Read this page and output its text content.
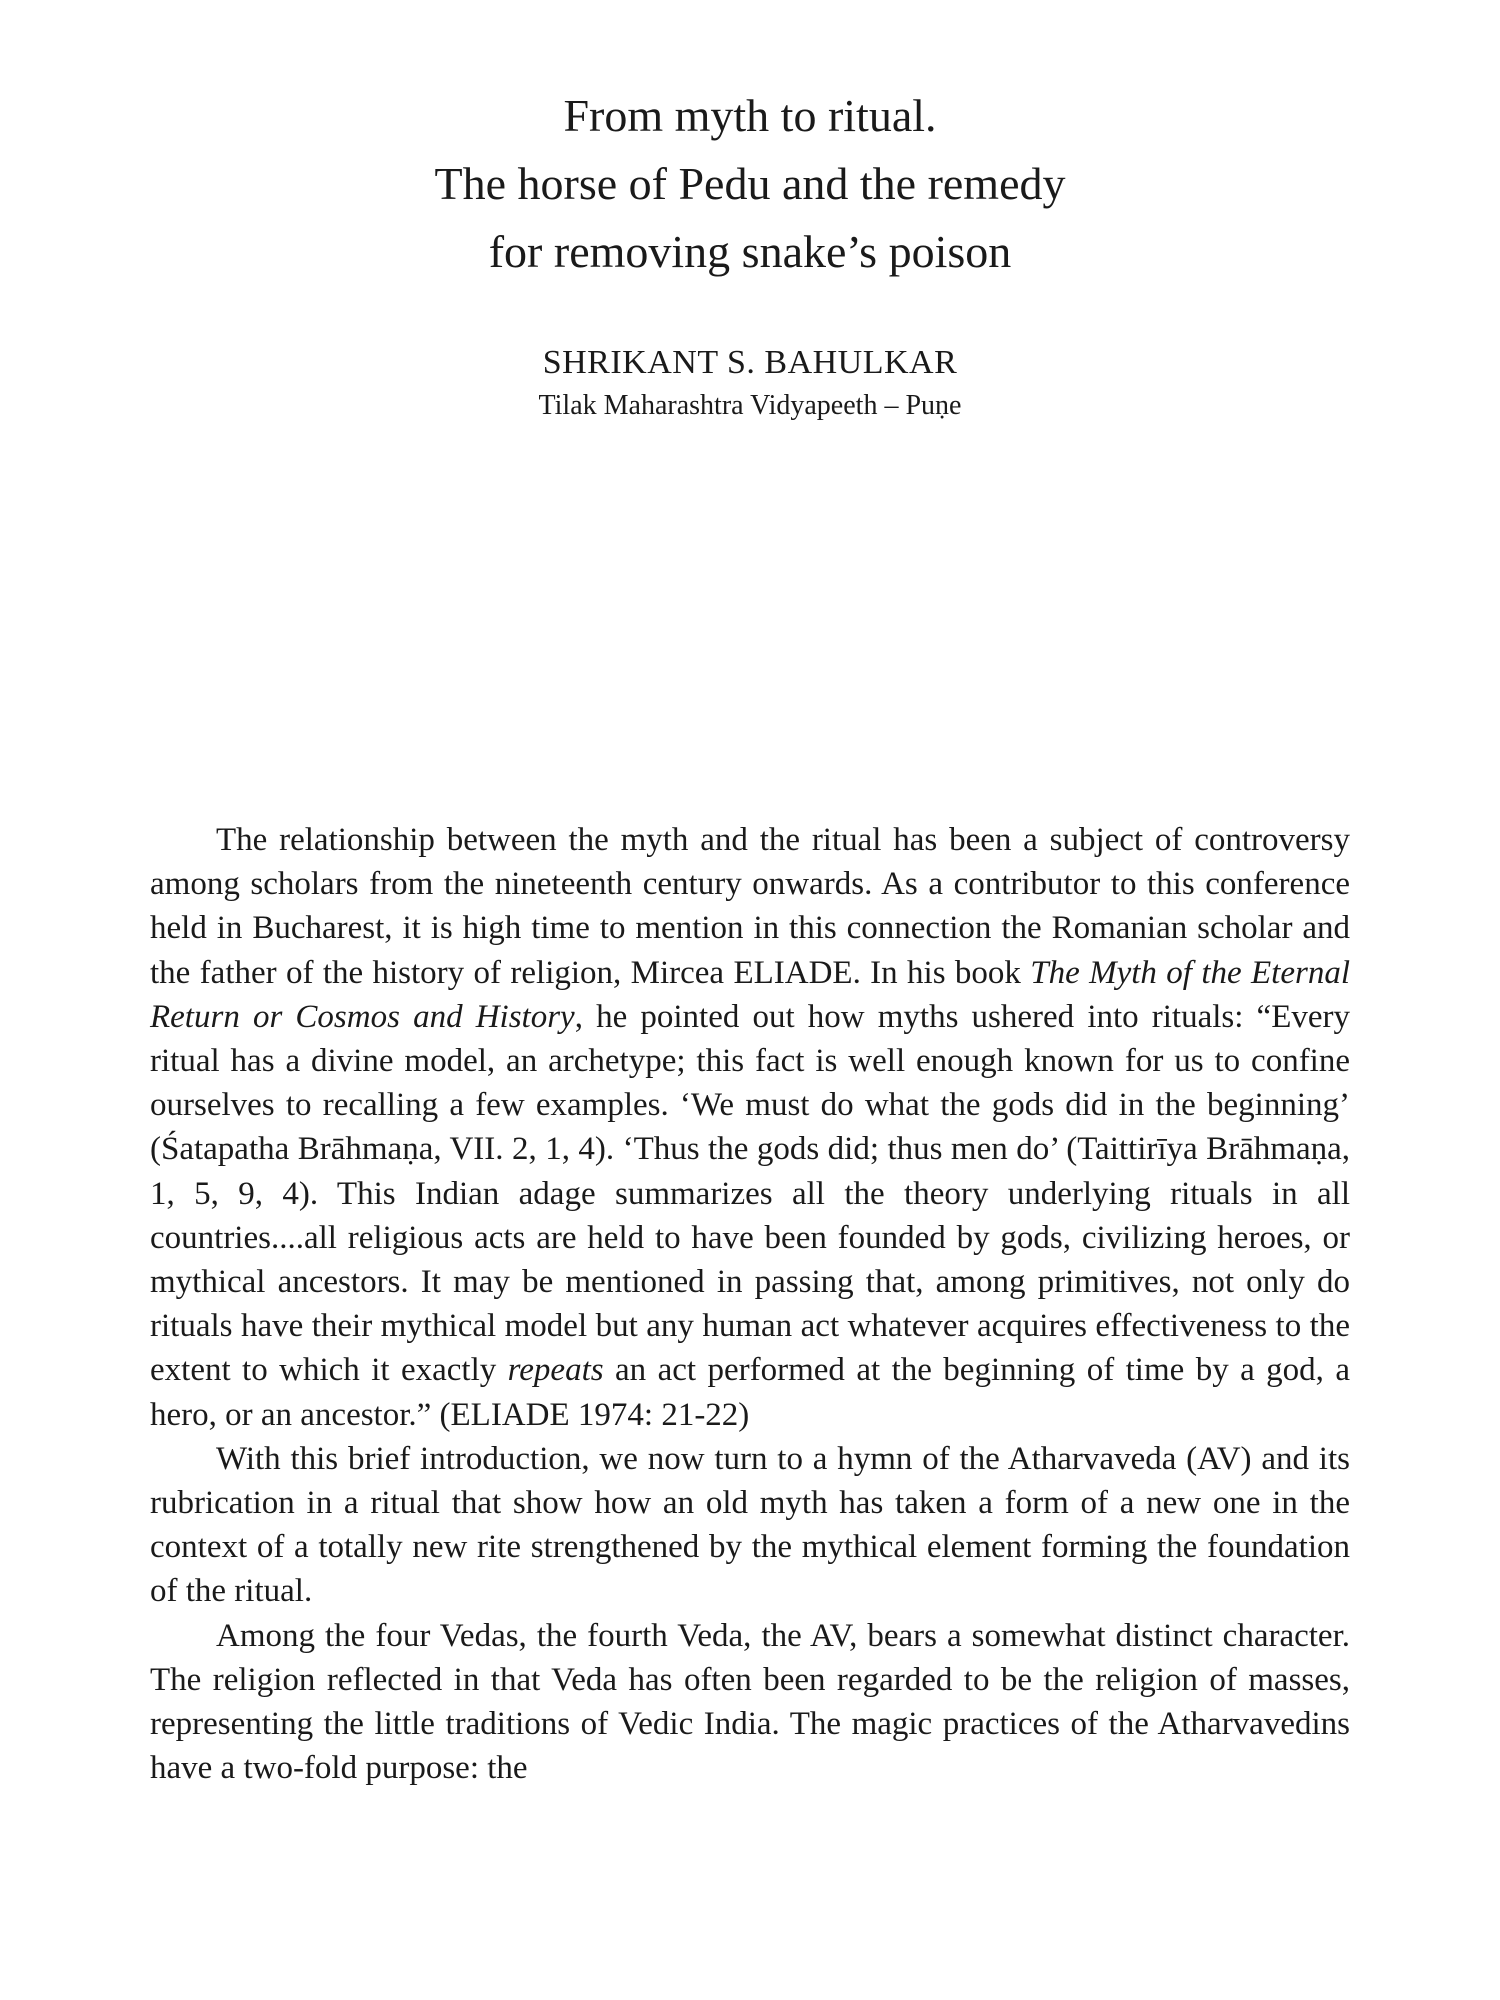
From myth to ritual.
The horse of Pedu and the remedy
for removing snake’s poison
SHRIKANT S. BAHULKAR
Tilak Maharashtra Vidyapeeth – Puṇe

The relationship between the myth and the ritual has been a subject of controversy among scholars from the nineteenth century onwards. As a contributor to this conference held in Bucharest, it is high time to mention in this connection the Romanian scholar and the father of the history of religion, Mircea ELIADE. In his book The Myth of the Eternal Return or Cosmos and History, he pointed out how myths ushered into rituals: “Every ritual has a divine model, an archetype; this fact is well enough known for us to confine ourselves to recalling a few examples. ‘We must do what the gods did in the beginning’ (Śatapatha Brāhmaṇa, VII. 2, 1, 4). ‘Thus the gods did; thus men do’ (Taittirīya Brāhmaṇa, 1, 5, 9, 4). This Indian adage summarizes all the theory underlying rituals in all countries....all religious acts are held to have been founded by gods, civilizing heroes, or mythical ancestors. It may be mentioned in passing that, among primitives, not only do rituals have their mythical model but any human act whatever acquires effectiveness to the extent to which it exactly repeats an act performed at the beginning of time by a god, a hero, or an ancestor.” (ELIADE 1974: 21-22)

With this brief introduction, we now turn to a hymn of the Atharvaveda (AV) and its rubrication in a ritual that show how an old myth has taken a form of a new one in the context of a totally new rite strengthened by the mythical element forming the foundation of the ritual.

Among the four Vedas, the fourth Veda, the AV, bears a somewhat distinct character. The religion reflected in that Veda has often been regarded to be the religion of masses, representing the little traditions of Vedic India. The magic practices of the Atharvavedins have a two-fold purpose: the
